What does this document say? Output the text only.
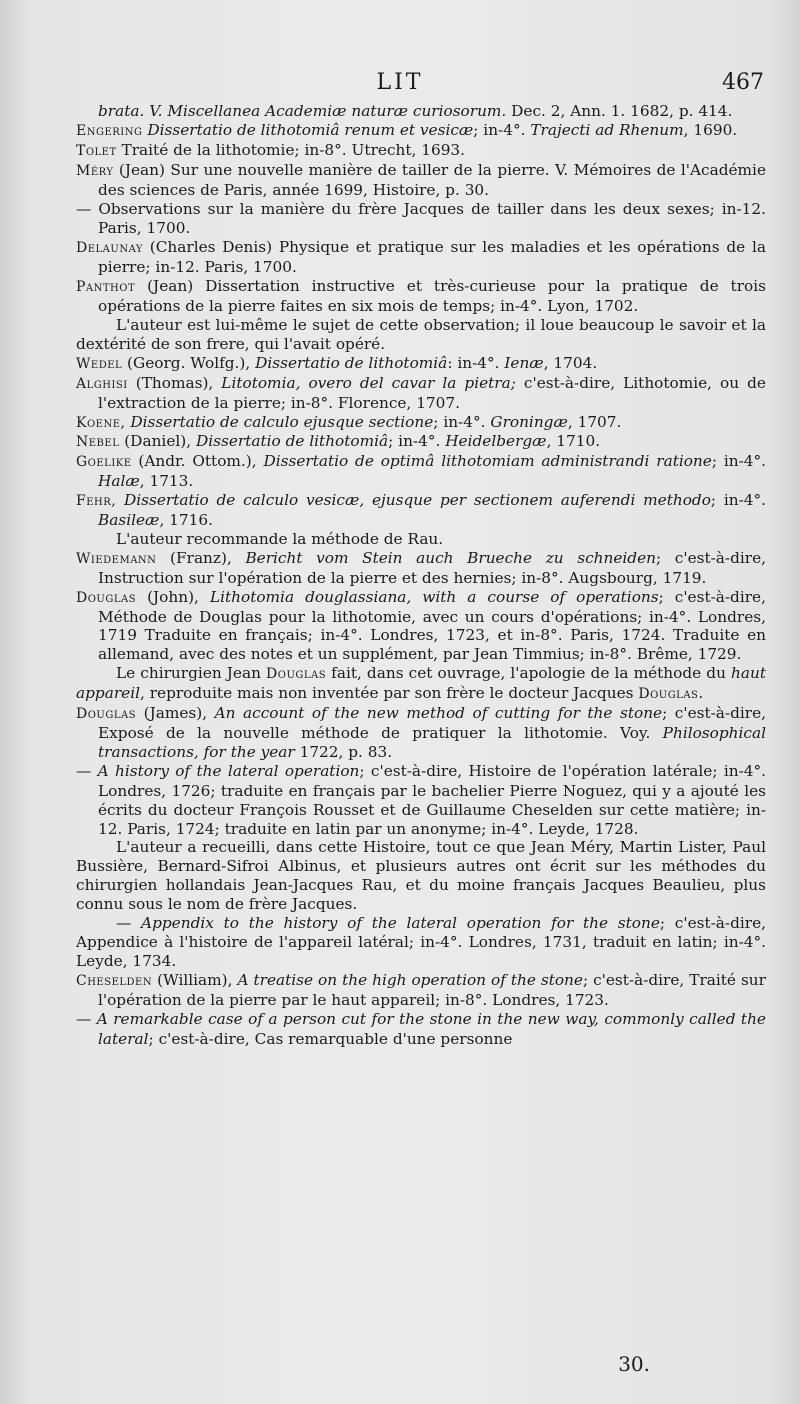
LIT	467

brata. V. Miscellanea Academiæ naturæ curiosorum. Dec. 2, Ann. 1. 1682, p. 414.

Engering Dissertatio de lithotomiâ renum et vesicæ; in-4°. Trajecti ad Rhenum, 1690.

Tolet Traité de la lithotomie; in-8°. Utrecht, 1693.

Méry (Jean) Sur une nouvelle manière de tailler de la pierre. V. Mémoires de l'Académie des sciences de Paris, année 1699, Histoire, p. 30.

— Observations sur la manière du frère Jacques de tailler dans les deux sexes; in-12. Paris, 1700.

Delaunay (Charles Denis) Physique et pratique sur les maladies et les opérations de la pierre; in-12. Paris, 1700.

Panthot (Jean) Dissertation instructive et très-curieuse pour la pratique de trois opérations de la pierre faites en six mois de temps; in-4°. Lyon, 1702.

L'auteur est lui-même le sujet de cette observation; il loue beaucoup le savoir et la dextérité de son frere, qui l'avait opéré.

Wedel (Georg. Wolfg.), Dissertatio de lithotomiâ: in-4°. Ienæ, 1704.

Alghisi (Thomas), Litotomia, overo del cavar la pietra; c'est-à-dire, Lithotomie, ou de l'extraction de la pierre; in-8°. Florence, 1707.

Koene, Dissertatio de calculo ejusque sectione; in-4°. Groningæ, 1707.

Nebel (Daniel), Dissertatio de lithotomiâ; in-4°. Heidelbergæ, 1710.

Goelike (Andr. Ottom.), Dissertatio de optimâ lithotomiam administrandi ratione; in-4°. Halæ, 1713.

Fehr, Dissertatio de calculo vesicæ, ejusque per sectionem auferendi methodo; in-4°. Basileæ, 1716.

L'auteur recommande la méthode de Rau.

Wiedemann (Franz), Bericht vom Stein auch Brueche zu schneiden; c'est-à-dire, Instruction sur l'opération de la pierre et des hernies; in-8°. Augsbourg, 1719.

Douglas (John), Lithotomia douglassiana, with a course of operations; c'est-à-dire, Méthode de Douglas pour la lithotomie, avec un cours d'opérations; in-4°. Londres, 1719 Traduite en français; in-4°. Londres, 1723, et in-8°. Paris, 1724. Traduite en allemand, avec des notes et un supplément, par Jean Timmius; in-8°. Brême, 1729.

Le chirurgien Jean Douglas fait, dans cet ouvrage, l'apologie de la méthode du haut appareil, reproduite mais non inventée par son frère le docteur Jacques Douglas.

Douglas (James), An account of the new method of cutting for the stone; c'est-à-dire, Exposé de la nouvelle méthode de pratiquer la lithotomie. Voy. Philosophical transactions, for the year 1722, p. 83.

— A history of the lateral operation; c'est-à-dire, Histoire de l'opération latérale; in-4°. Londres, 1726; traduite en français par le bachelier Pierre Noguez, qui y a ajouté les écrits du docteur François Rousset et de Guillaume Cheselden sur cette matière; in-12. Paris, 1724; traduite en latin par un anonyme; in-4°. Leyde, 1728.

L'auteur a recueilli, dans cette Histoire, tout ce que Jean Méry, Martin Lister, Paul Bussière, Bernard-Sifroi Albinus, et plusieurs autres ont écrit sur les méthodes du chirurgien hollandais Jean-Jacques Rau, et du moine français Jacques Beaulieu, plus connu sous le nom de frère Jacques.

— Appendix to the history of the lateral operation for the stone; c'est-à-dire, Appendice à l'histoire de l'appareil latéral; in-4°. Londres, 1731, traduit en latin; in-4°. Leyde, 1734.

Cheselden (William), A treatise on the high operation of the stone; c'est-à-dire, Traité sur l'opération de la pierre par le haut appareil; in-8°. Londres, 1723.

— A remarkable case of a person cut for the stone in the new way, commonly called the lateral; c'est-à-dire, Cas remarquable d'une personne

30.
